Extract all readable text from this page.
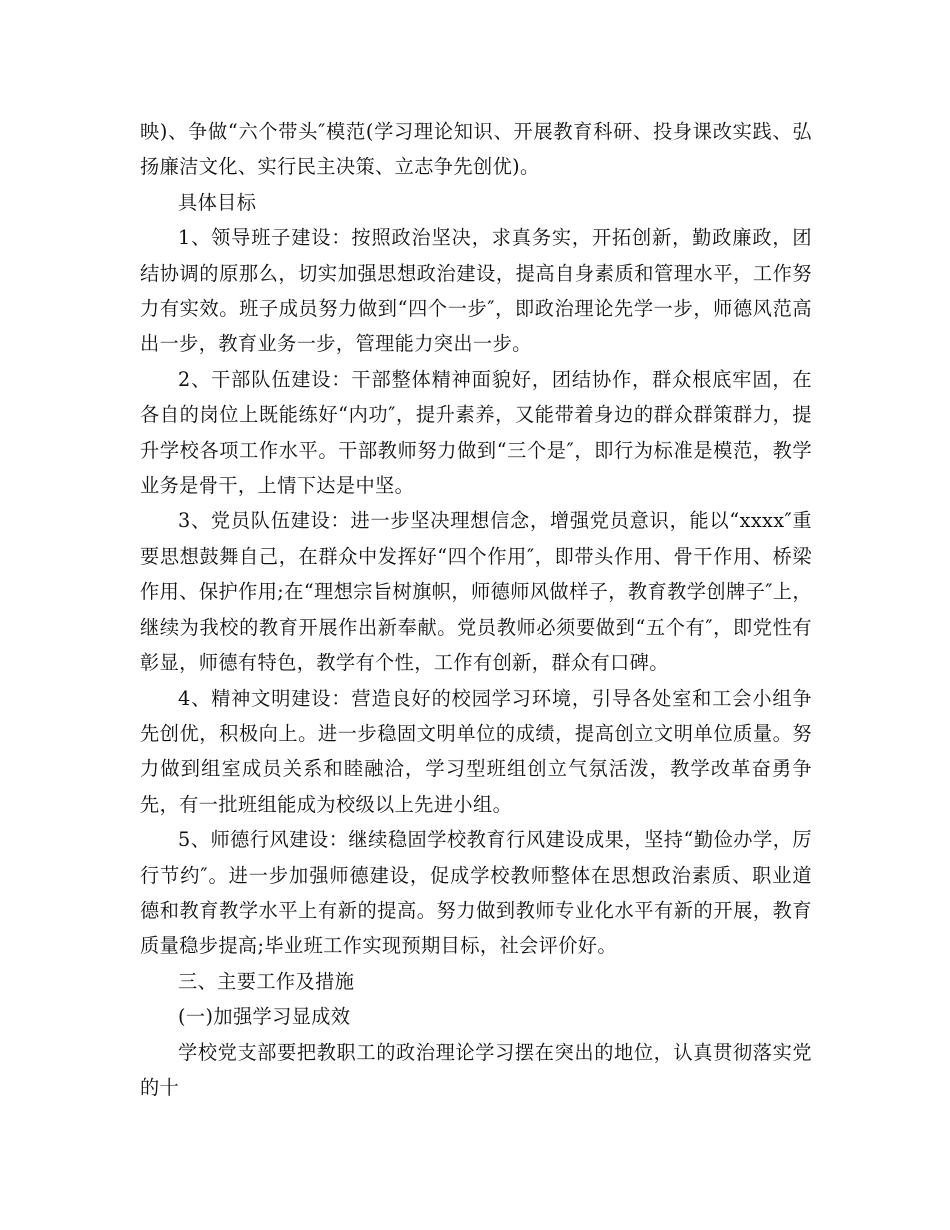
映)、争做“六个带头″模范(学习理论知识、开展教育科研、投身课改实践、弘扬廉洁文化、实行民主决策、立志争先创优)。

具体目标

1、领导班子建设：按照政治坚决，求真务实，开拓创新，勤政廉政，团结协调的原那么，切实加强思想政治建设，提高自身素质和管理水平，工作努力有实效。班子成员努力做到“四个一步″，即政治理论先学一步，师德风范高出一步，教育业务一步，管理能力突出一步。

2、干部队伍建设：干部整体精神面貌好，团结协作，群众根底牢固，在各自的岗位上既能练好“内功″，提升素养，又能带着身边的群众群策群力，提升学校各项工作水平。干部教师努力做到“三个是″，即行为标准是模范，教学业务是骨干，上情下达是中坚。

3、党员队伍建设：进一步坚决理想信念，增强党员意识，能以“xxxx″重要思想鼓舞自己，在群众中发挥好“四个作用″，即带头作用、骨干作用、桥梁作用、保护作用;在“理想宗旨树旗帜，师德师风做样子，教育教学创牌子″上，继续为我校的教育开展作出新奉献。党员教师必须要做到“五个有″，即党性有彰显，师德有特色，教学有个性，工作有创新，群众有口碑。

4、精神文明建设：营造良好的校园学习环境，引导各处室和工会小组争先创优，积极向上。进一步稳固文明单位的成绩，提高创立文明单位质量。努力做到组室成员关系和睦融洽，学习型班组创立气氛活泼，教学改革奋勇争先，有一批班组能成为校级以上先进小组。

5、师德行风建设：继续稳固学校教育行风建设成果，坚持“勤俭办学，厉行节约″。进一步加强师德建设，促成学校教师整体在思想政治素质、职业道德和教育教学水平上有新的提高。努力做到教师专业化水平有新的开展，教育质量稳步提高;毕业班工作实现预期目标，社会评价好。

三、主要工作及措施

(一)加强学习显成效

学校党支部要把教职工的政治理论学习摆在突出的地位，认真贯彻落实党的十
